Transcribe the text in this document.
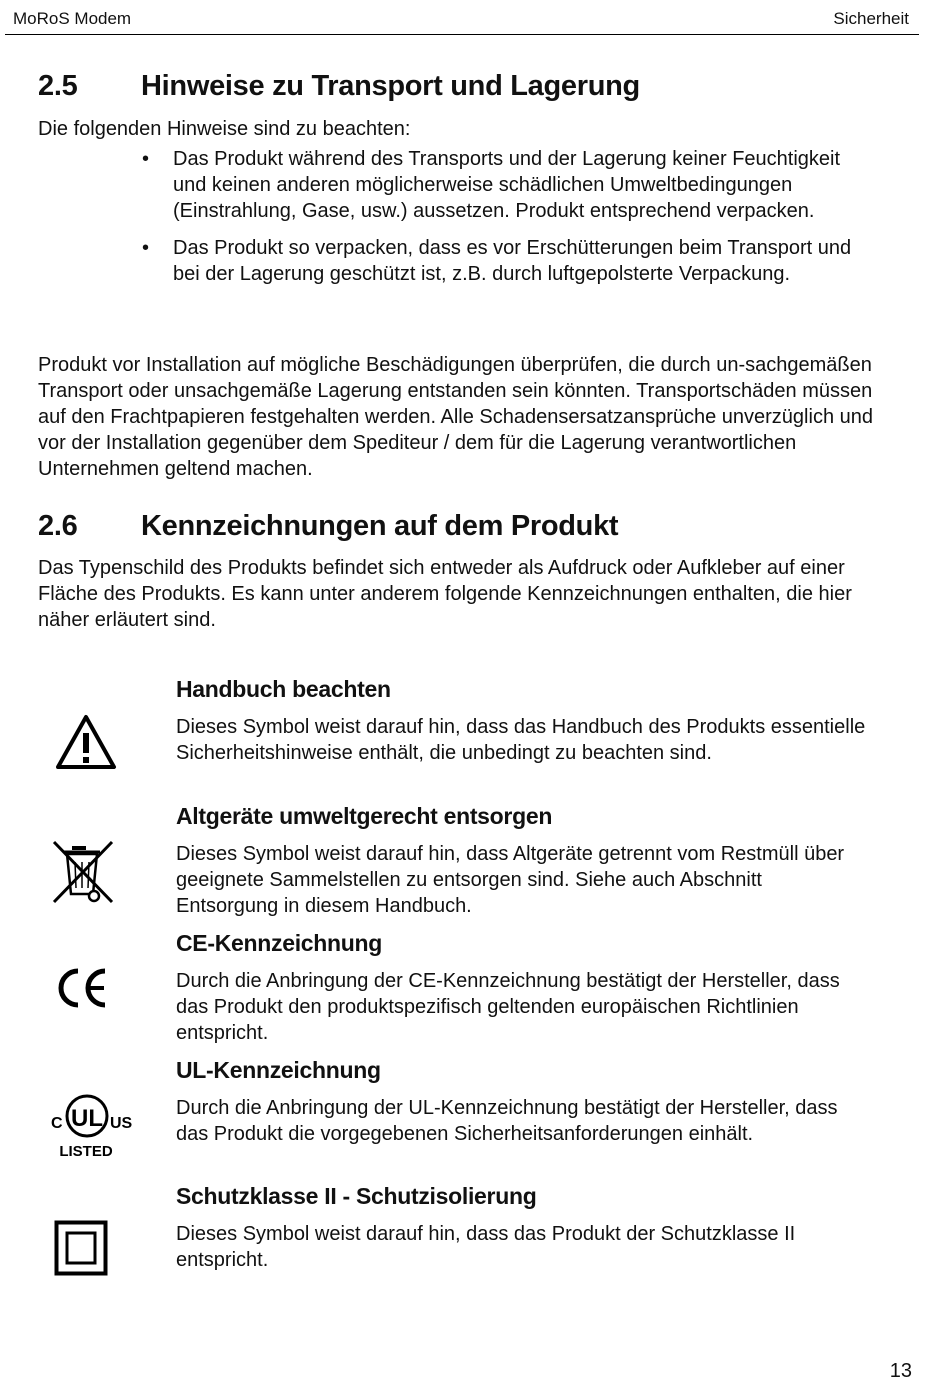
MoRoS Modem	Sicherheit
2.5 Hinweise zu Transport und Lagerung
Die folgenden Hinweise sind zu beachten:
• Das Produkt während des Transports und der Lagerung keiner Feuchtigkeit und keinen anderen möglicherweise schädlichen Umweltbedingungen (Einstrahlung, Gase, usw.) aussetzen. Produkt entsprechend verpacken.
• Das Produkt so verpacken, dass es vor Erschütterungen beim Transport und bei der Lagerung geschützt ist, z.B. durch luftgepolsterte Verpackung.
Produkt vor Installation auf mögliche Beschädigungen überprüfen, die durch un-sachgemäßen Transport oder unsachgemäße Lagerung entstanden sein könnten. Transportschäden müssen auf den Frachtpapieren festgehalten werden. Alle Schadensersatzansprüche unverzüglich und vor der Installation gegenüber dem Spediteur / dem für die Lagerung verantwortlichen Unternehmen geltend machen.
2.6 Kennzeichnungen auf dem Produkt
Das Typenschild des Produkts befindet sich entweder als Aufdruck oder Aufkleber auf einer Fläche des Produkts. Es kann unter anderem folgende Kennzeichnungen enthalten, die hier näher erläutert sind.
Handbuch beachten
Dieses Symbol weist darauf hin, dass das Handbuch des Produkts essentielle Sicherheitshinweise enthält, die unbedingt zu beachten sind.
Altgeräte umweltgerecht entsorgen
Dieses Symbol weist darauf hin, dass Altgeräte getrennt vom Restmüll über geeignete Sammelstellen zu entsorgen sind. Siehe auch Abschnitt Entsorgung in diesem Handbuch.
CE-Kennzeichnung
Durch die Anbringung der CE-Kennzeichnung bestätigt der Hersteller, dass das Produkt den produktspezifisch geltenden europäischen Richtlinien entspricht.
UL
C	US
LISTED
UL-Kennzeichnung
Durch die Anbringung der UL-Kennzeichnung bestätigt der Hersteller, dass das Produkt die vorgegebenen Sicherheitsanforderungen einhält.
Schutzklasse II - Schutzisolierung
Dieses Symbol weist darauf hin, dass das Produkt der Schutzklasse II entspricht.
13
